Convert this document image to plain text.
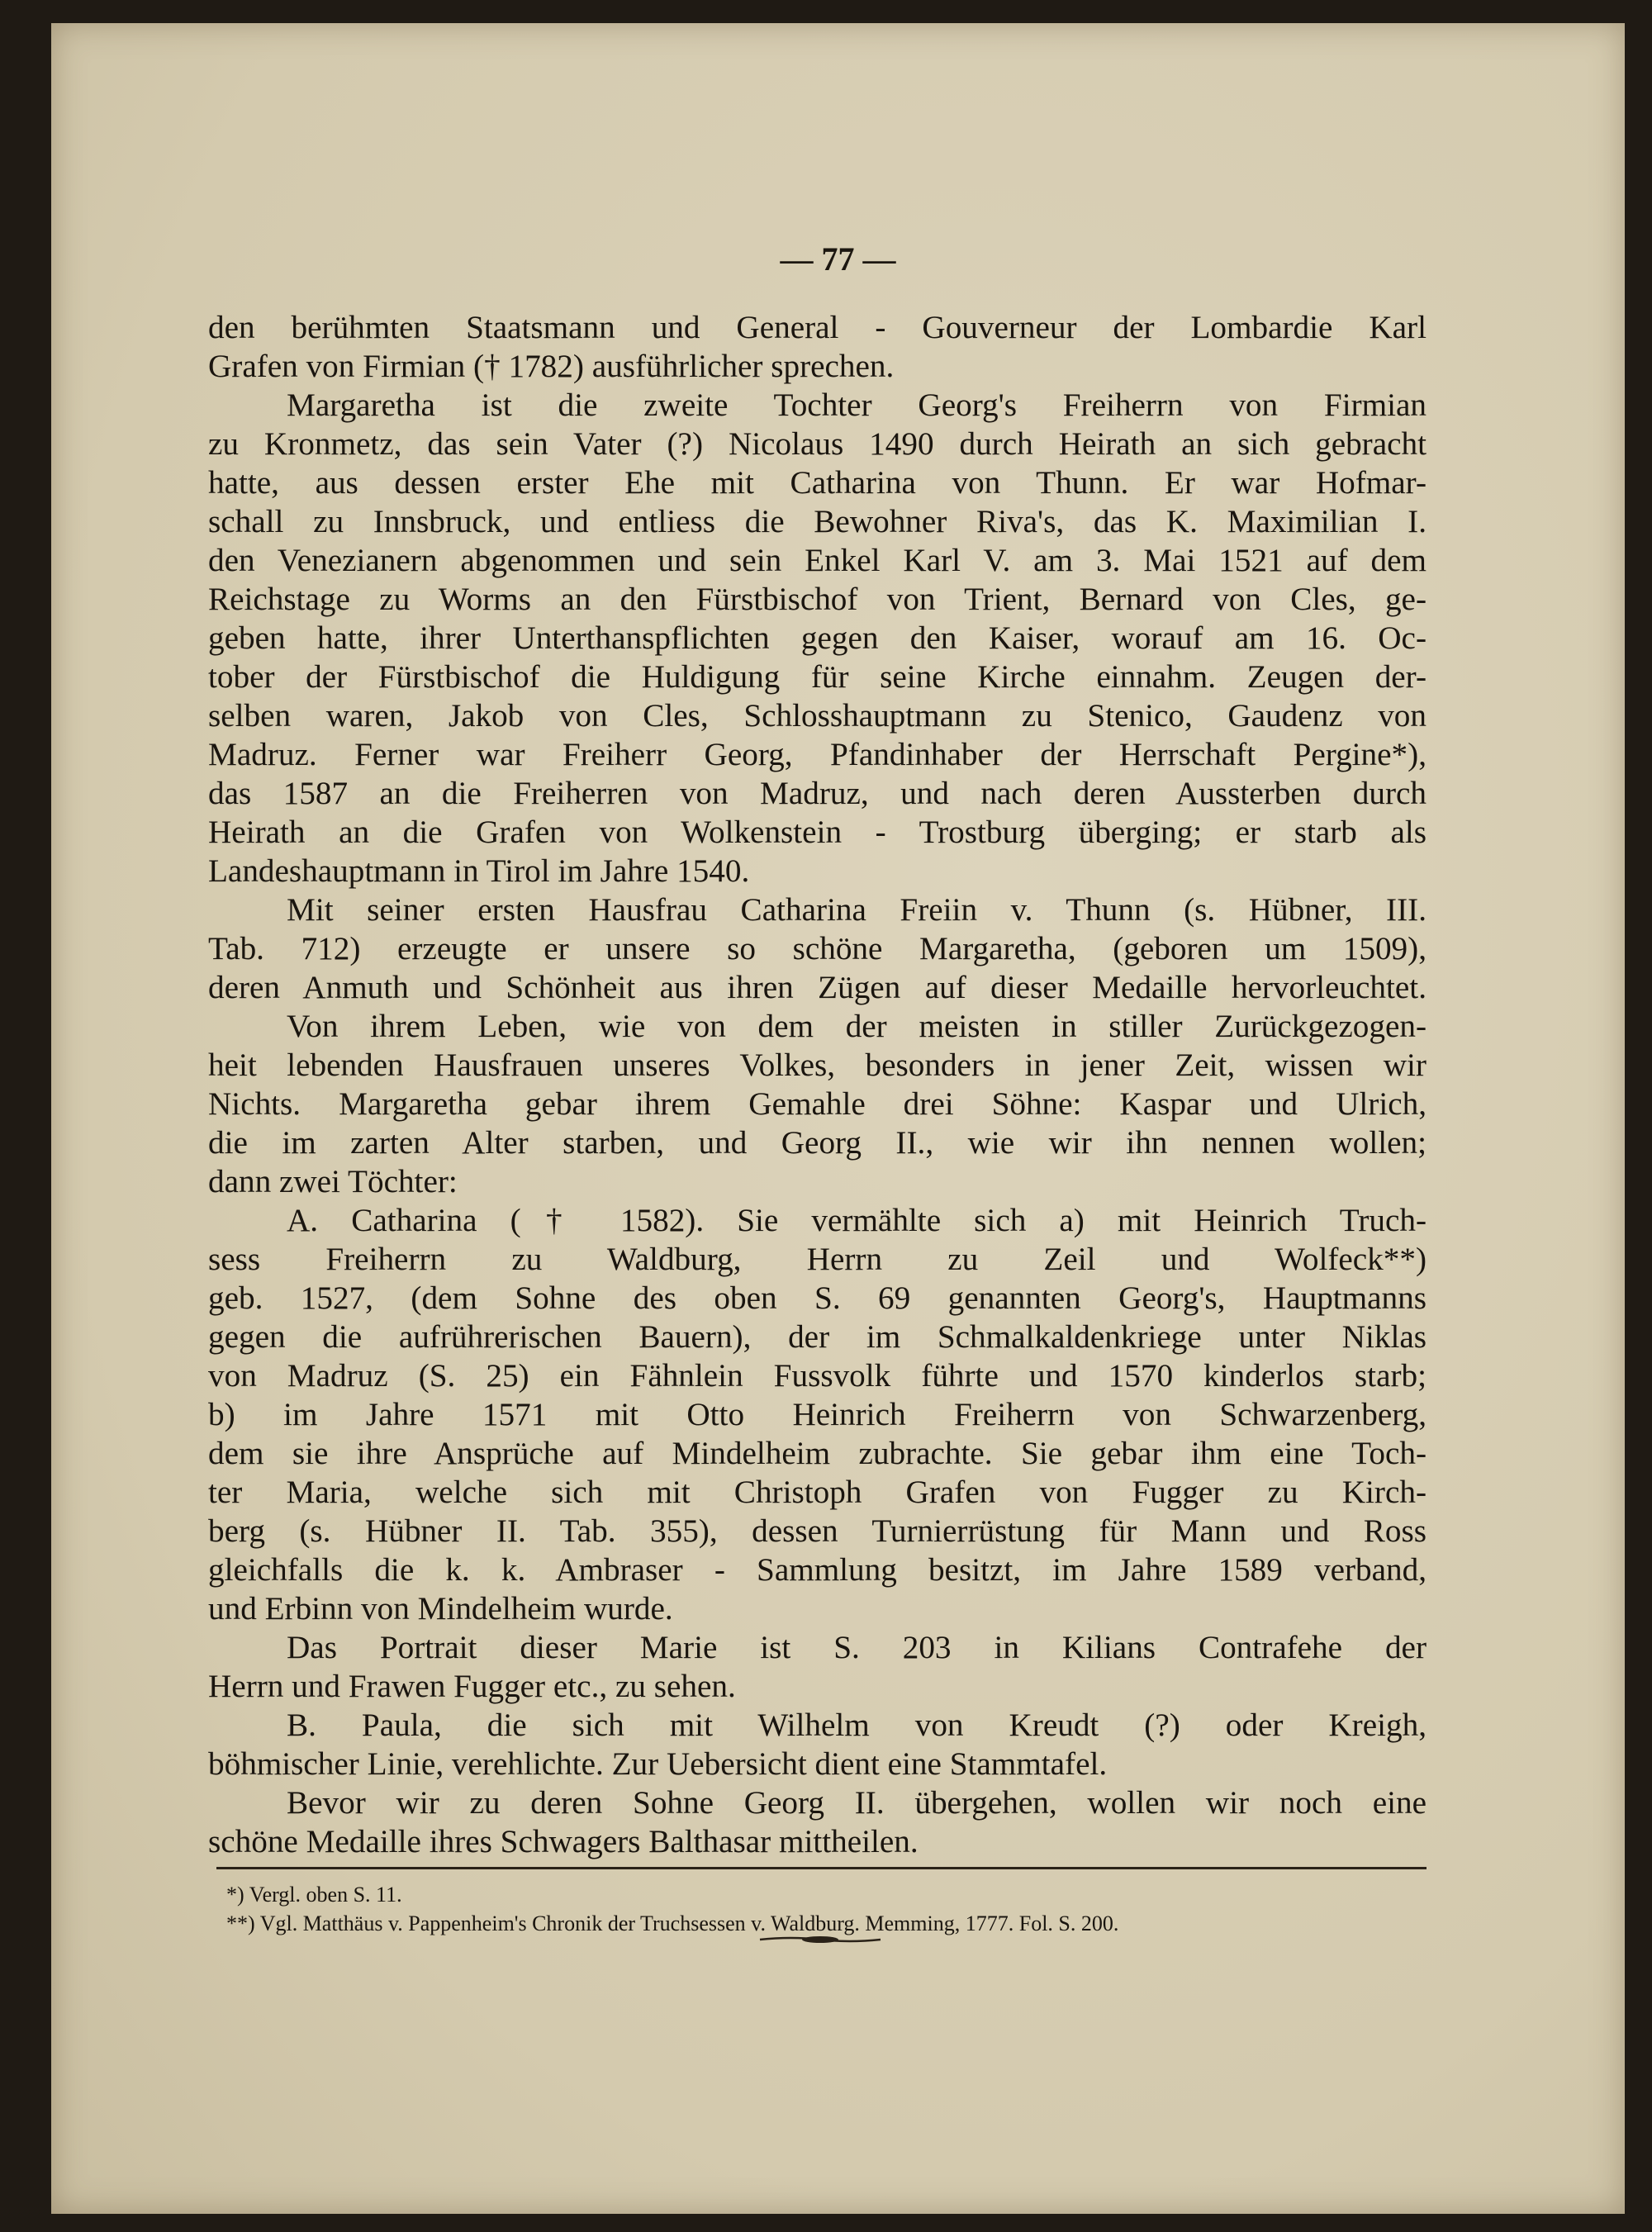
— 77 —
den berühmten Staatsmann und General - Gouverneur der Lombardie Karl
Grafen von Firmian († 1782) ausführlicher sprechen.
Margaretha ist die zweite Tochter Georg's Freiherrn von Firmian
zu Kronmetz, das sein Vater (?) Nicolaus 1490 durch Heirath an sich gebracht
hatte, aus dessen erster Ehe mit Catharina von Thunn. Er war Hofmar-
schall zu Innsbruck, und entliess die Bewohner Riva's, das K. Maximilian I.
den Venezianern abgenommen und sein Enkel Karl V. am 3. Mai 1521 auf dem
Reichstage zu Worms an den Fürstbischof von Trient, Bernard von Cles, ge-
geben hatte, ihrer Unterthanspflichten gegen den Kaiser, worauf am 16. Oc-
tober der Fürstbischof die Huldigung für seine Kirche einnahm. Zeugen der-
selben waren, Jakob von Cles, Schlosshauptmann zu Stenico, Gaudenz von
Madruz. Ferner war Freiherr Georg, Pfandinhaber der Herrschaft Pergine*),
das 1587 an die Freiherren von Madruz, und nach deren Aussterben durch
Heirath an die Grafen von Wolkenstein - Trostburg überging; er starb als
Landeshauptmann in Tirol im Jahre 1540.
Mit seiner ersten Hausfrau Catharina Freiin v. Thunn (s. Hübner, III.
Tab. 712) erzeugte er unsere so schöne Margaretha, (geboren um 1509),
deren Anmuth und Schönheit aus ihren Zügen auf dieser Medaille hervorleuchtet.
Von ihrem Leben, wie von dem der meisten in stiller Zurückgezogen-
heit lebenden Hausfrauen unseres Volkes, besonders in jener Zeit, wissen wir
Nichts. Margaretha gebar ihrem Gemahle drei Söhne: Kaspar und Ulrich,
die im zarten Alter starben, und Georg II., wie wir ihn nennen wollen;
dann zwei Töchter:
A. Catharina († 1582). Sie vermählte sich a) mit Heinrich Truch-
sess Freiherrn zu Waldburg, Herrn zu Zeil und Wolfeck**)
geb. 1527, (dem Sohne des oben S. 69 genannten Georg's, Hauptmanns
gegen die aufrührerischen Bauern), der im Schmalkaldenkriege unter Niklas
von Madruz (S. 25) ein Fähnlein Fussvolk führte und 1570 kinderlos starb;
b) im Jahre 1571 mit Otto Heinrich Freiherrn von Schwarzenberg,
dem sie ihre Ansprüche auf Mindelheim zubrachte. Sie gebar ihm eine Toch-
ter Maria, welche sich mit Christoph Grafen von Fugger zu Kirch-
berg (s. Hübner II. Tab. 355), dessen Turnierrüstung für Mann und Ross
gleichfalls die k. k. Ambraser - Sammlung besitzt, im Jahre 1589 verband,
und Erbinn von Mindelheim wurde.
Das Portrait dieser Marie ist S. 203 in Kilians Contrafehe der
Herrn und Frawen Fugger etc., zu sehen.
B. Paula, die sich mit Wilhelm von Kreudt (?) oder Kreigh,
böhmischer Linie, verehlichte. Zur Uebersicht dient eine Stammtafel.
Bevor wir zu deren Sohne Georg II. übergehen, wollen wir noch eine
schöne Medaille ihres Schwagers Balthasar mittheilen.
*) Vergl. oben S. 11.
**) Vgl. Matthäus v. Pappenheim's Chronik der Truchsessen v. Waldburg. Memming, 1777. Fol. S. 200.
